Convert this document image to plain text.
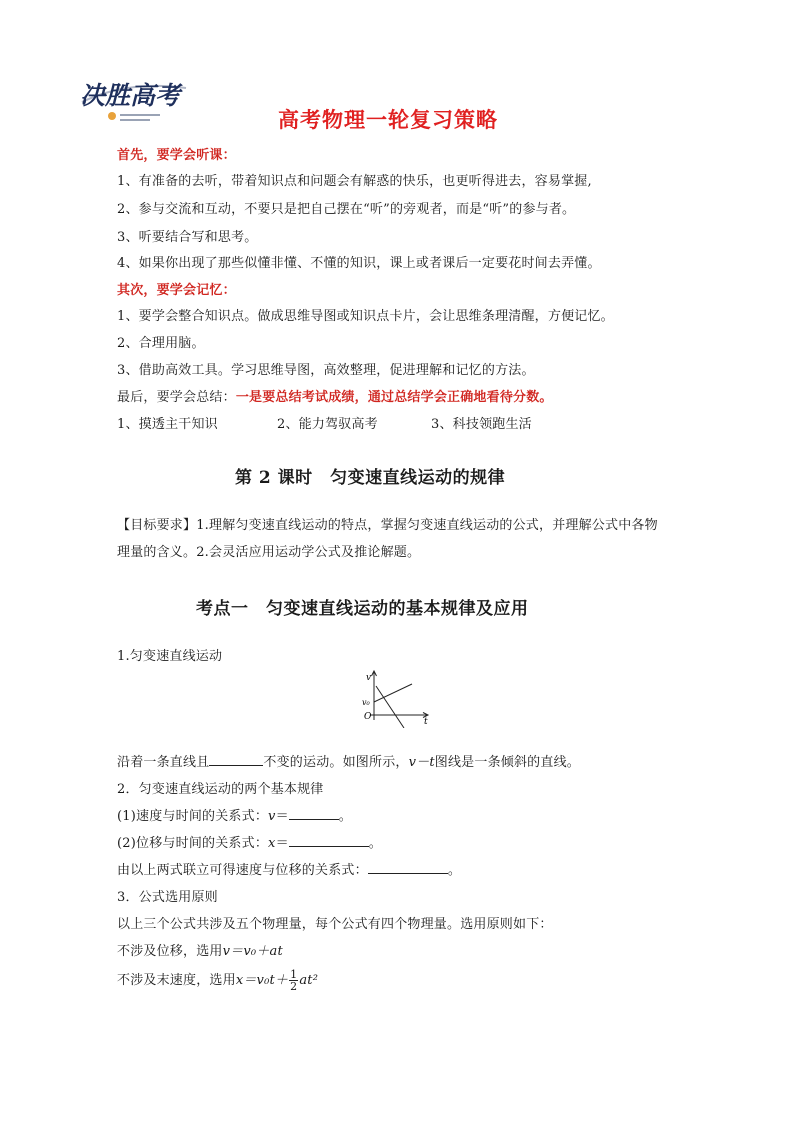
决胜高考
高考物理一轮复习策略
首先，要学会听课：
1、有准备的去听，带着知识点和问题会有解惑的快乐，也更听得进去，容易掌握,
2、参与交流和互动，不要只是把自己摆在“听”的旁观者，而是“听”的参与者。
3、听要结合写和思考。
4、如果你出现了那些似懂非懂、不懂的知识，课上或者课后一定要花时间去弄懂。
其次，要学会记忆：
1、要学会整合知识点。做成思维导图或知识点卡片，会让思维条理清醒，方便记忆。
2、合理用脑。
3、借助高效工具。学习思维导图，高效整理，促进理解和记忆的方法。
最后，要学会总结：一是要总结考试成绩，通过总结学会正确地看待分数。
1、摸透主干知识	2、能力驾驭高考	3、科技领跑生活
第 2 课时　匀变速直线运动的规律
【目标要求】1.理解匀变速直线运动的特点，掌握匀变速直线运动的公式，并理解公式中各物
理量的含义。2.会灵活应用运动学公式及推论解题。
考点一　匀变速直线运动的基本规律及应用
1.匀变速直线运动
v
v₀
O	t
沿着一条直线且	不变的运动。如图所示，v－t图线是一条倾斜的直线。
2．匀变速直线运动的两个基本规律
(1)速度与时间的关系式：v＝	。
(2)位移与时间的关系式：x＝	。
由以上两式联立可得速度与位移的关系式：	。
3．公式选用原则
以上三个公式共涉及五个物理量，每个公式有四个物理量。选用原则如下：
不涉及位移，选用v＝v₀＋at
不涉及末速度，选用$x=v_0t+ \frac{1}{2} at^2$
